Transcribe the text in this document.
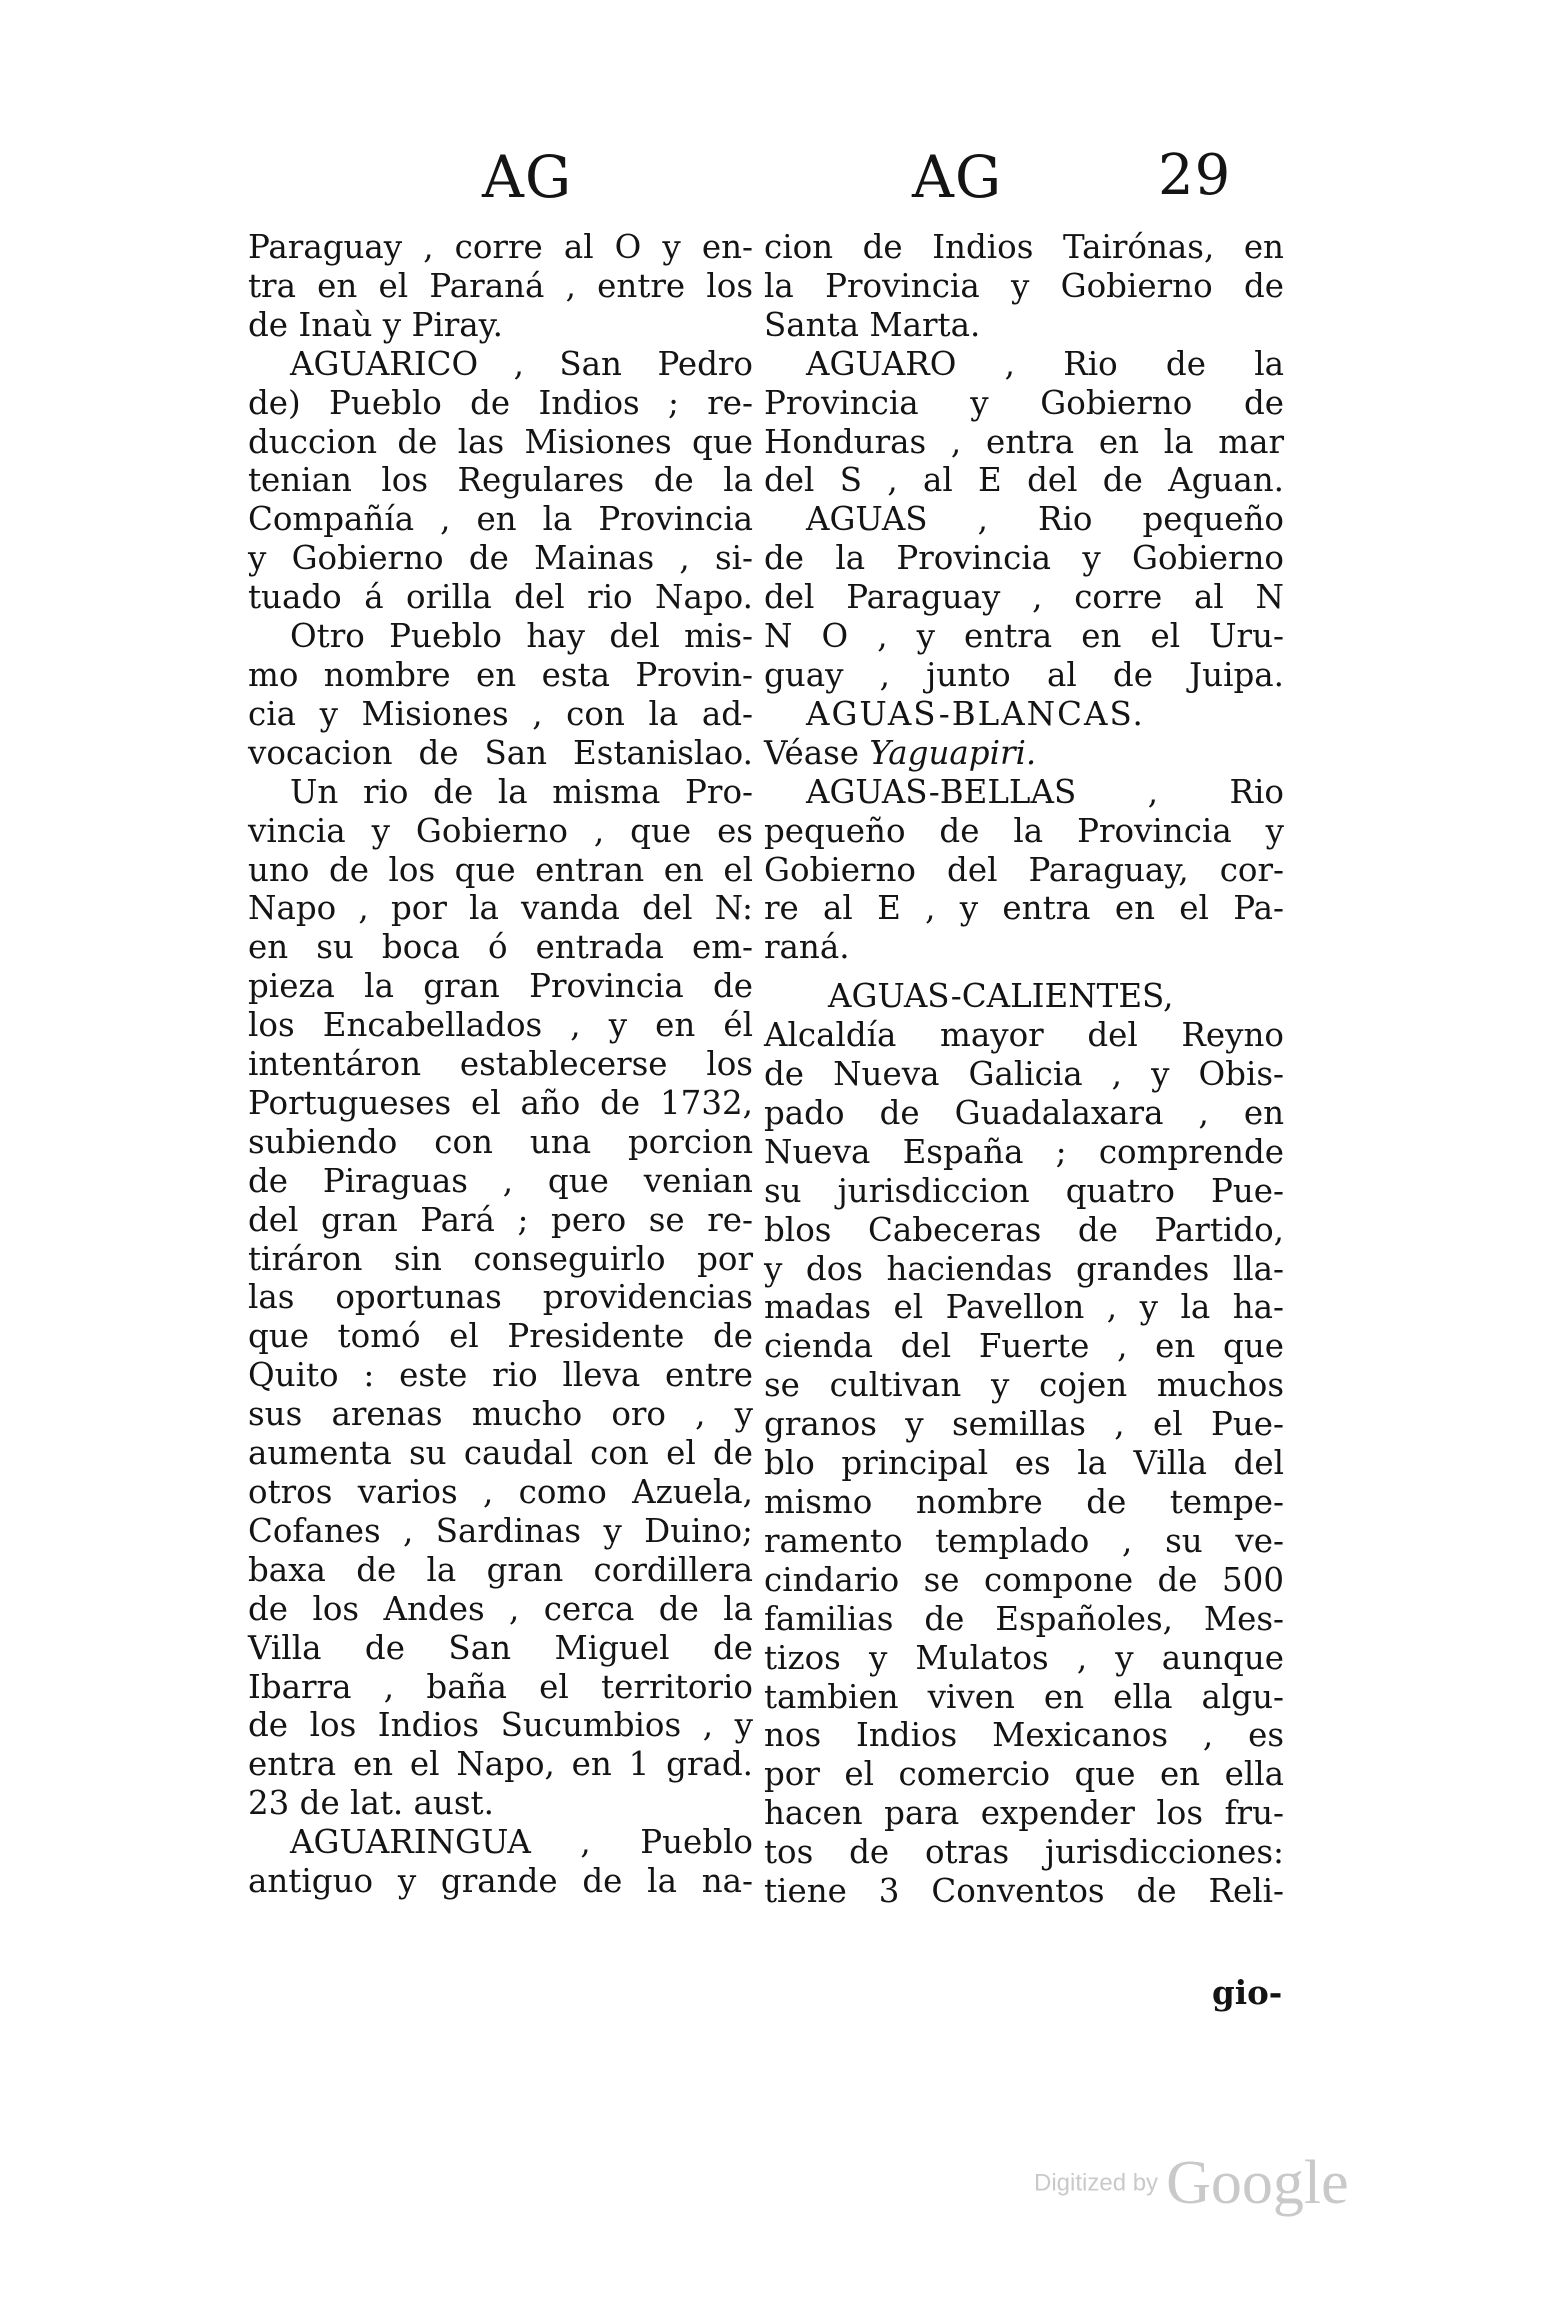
AG	AG	29
Paraguay , corre al O y en-
tra en el Paraná , entre los
de Inaù y Piray.
AGUARICO , San Pedro
de) Pueblo de Indios ; re-
duccion de las Misiones que
tenian los Regulares de la
Compañía , en la Provincia
y Gobierno de Mainas , si-
tuado á orilla del rio Napo.
Otro Pueblo hay del mis-
mo nombre en esta Provin-
cia y Misiones , con la ad-
vocacion de San Estanislao.
Un rio de la misma Pro-
vincia y Gobierno , que es
uno de los que entran en el
Napo , por la vanda del N:
en su boca ó entrada em-
pieza la gran Provincia de
los Encabellados , y en él
intentáron establecerse los
Portugueses el año de 1732,
subiendo con una porcion
de Piraguas , que venian
del gran Pará ; pero se re-
tiráron sin conseguirlo por
las oportunas providencias
que tomó el Presidente de
Quito : este rio lleva entre
sus arenas mucho oro , y
aumenta su caudal con el de
otros varios , como Azuela,
Cofanes , Sardinas y Duino;
baxa de la gran cordillera
de los Andes , cerca de la
Villa de San Miguel de
Ibarra , baña el territorio
de los Indios Sucumbios , y
entra en el Napo, en 1 grad.
23 de lat. aust.
AGUARINGUA , Pueblo
antiguo y grande de la na-
cion de Indios Tairónas, en
la Provincia y Gobierno de
Santa Marta.
AGUARO , Rio de la
Provincia y Gobierno de
Honduras , entra en la mar
del S , al E del de Aguan.
AGUAS , Rio pequeño
de la Provincia y Gobierno
del Paraguay , corre al N
N O , y entra en el Uru-
guay , junto al de Juipa.
AGUAS-BLANCAS.
Véase Yaguapiri.
AGUAS-BELLAS , Rio
pequeño de la Provincia y
Gobierno del Paraguay, cor-
re al E , y entra en el Pa-
raná.
AGUAS-CALIENTES,
Alcaldía mayor del Reyno
de Nueva Galicia , y Obis-
pado de Guadalaxara , en
Nueva España ; comprende
su jurisdiccion quatro Pue-
blos Cabeceras de Partido,
y dos haciendas grandes lla-
madas el Pavellon , y la ha-
cienda del Fuerte , en que
se cultivan y cojen muchos
granos y semillas , el Pue-
blo principal es la Villa del
mismo nombre de tempe-
ramento templado , su ve-
cindario se compone de 500
familias de Españoles, Mes-
tizos y Mulatos , y aunque
tambien viven en ella algu-
nos Indios Mexicanos , es
por el comercio que en ella
hacen para expender los fru-
tos de otras jurisdicciones:
tiene 3 Conventos de Reli-
gio-
Digitized by Google
